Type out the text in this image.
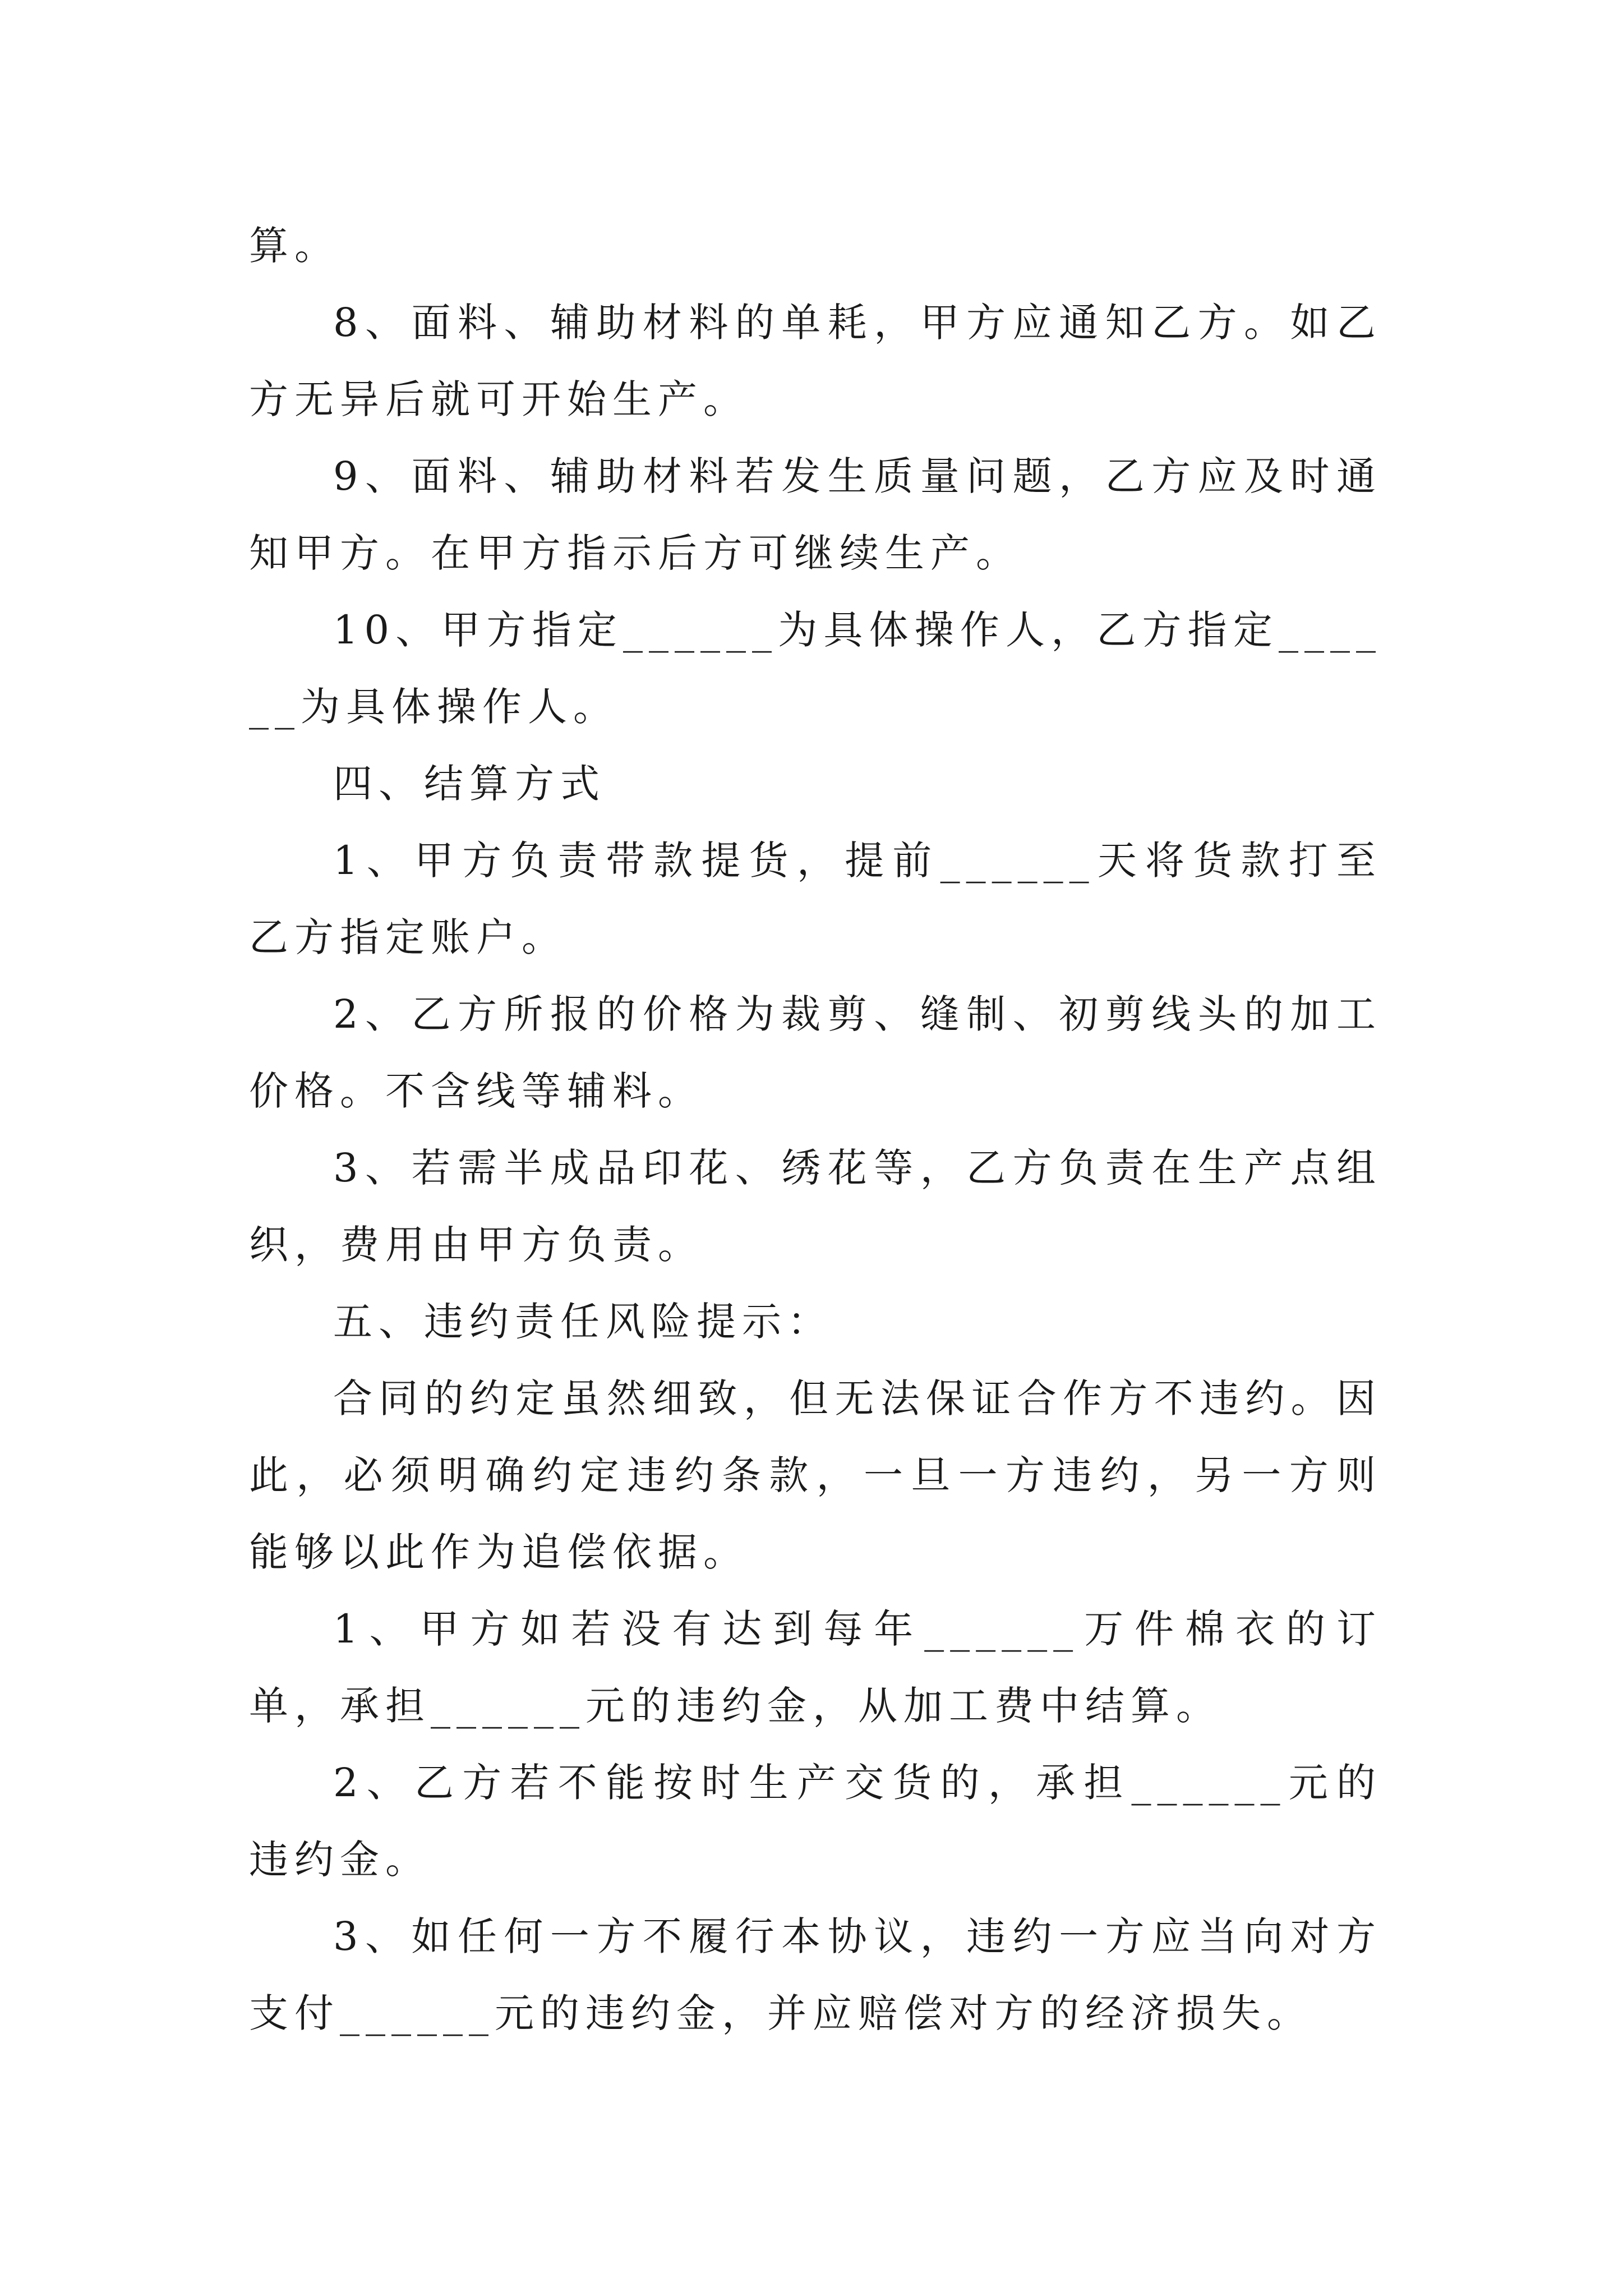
算。

8、面料、辅助材料的单耗，甲方应通知乙方。如乙方无异后就可开始生产。

9、面料、辅助材料若发生质量问题，乙方应及时通知甲方。在甲方指示后方可继续生产。

10、甲方指定______为具体操作人，乙方指定______为具体操作人。

四、结算方式

1、甲方负责带款提货，提前______天将货款打至乙方指定账户。

2、乙方所报的价格为裁剪、缝制、初剪线头的加工价格。不含线等辅料。

3、若需半成品印花、绣花等，乙方负责在生产点组织，费用由甲方负责。

五、违约责任风险提示：

合同的约定虽然细致，但无法保证合作方不违约。因此，必须明确约定违约条款，一旦一方违约，另一方则能够以此作为追偿依据。

1、甲方如若没有达到每年______万件棉衣的订单，承担______元的违约金，从加工费中结算。

2、乙方若不能按时生产交货的，承担______元的违约金。

3、如任何一方不履行本协议，违约一方应当向对方支付______元的违约金，并应赔偿对方的经济损失。
